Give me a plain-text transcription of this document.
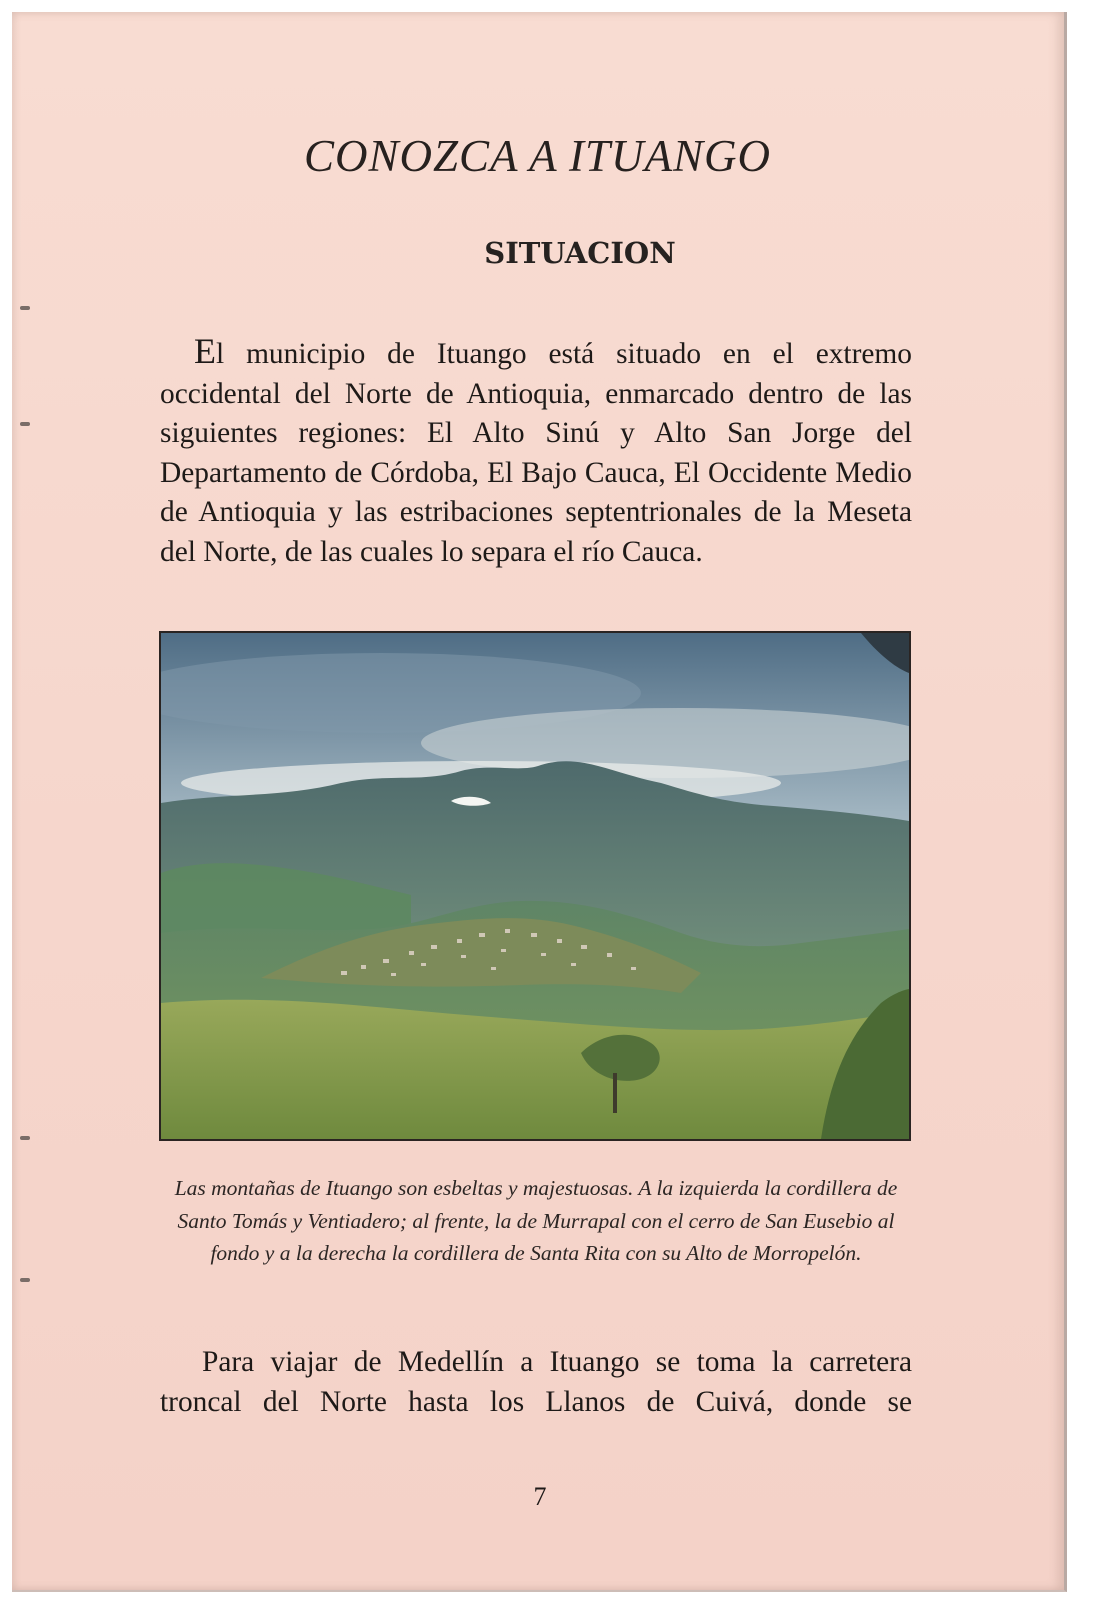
CONOZCA A ITUANGO
SITUACION
El municipio de Ituango está situado en el extremo occidental del Norte de Antioquia, enmarcado dentro de las siguientes regiones: El Alto Sinú y Alto San Jorge del Departamento de Córdoba, El Bajo Cauca, El Occidente Medio de Antioquia y las estribaciones septentrionales de la Meseta del Norte, de las cuales lo separa el río Cauca.
Las montañas de Ituango son esbeltas y majestuosas. A la izquierda la cordillera de Santo Tomás y Ventiadero; al frente, la de Murrapal con el cerro de San Eusebio al fondo y a la derecha la cordillera de Santa Rita con su Alto de Morropelón.
Para viajar de Medellín a Ituango se toma la carretera troncal del Norte hasta los Llanos de Cuivá, donde se
7
